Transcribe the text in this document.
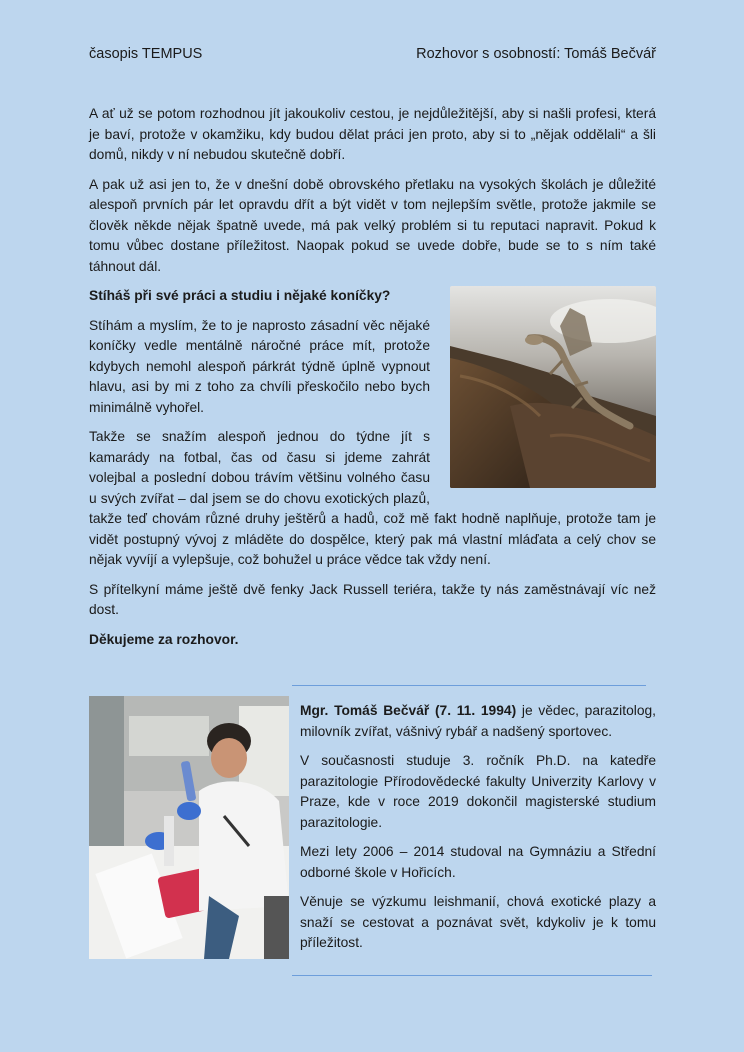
časopis TEMPUS	Rozhovor s osobností: Tomáš Bečvář

A ať už se potom rozhodnou jít jakoukoliv cestou, je nejdůležitější, aby si našli profesi, která je baví, protože v okamžiku, kdy budou dělat práci jen proto, aby si to „nějak oddělali“ a šli domů, nikdy v ní nebudou skutečně dobří.

A pak už asi jen to, že v dnešní době obrovského přetlaku na vysokých školách je důležité alespoň prvních pár let opravdu dřít a být vidět v tom nejlepším světle, protože jakmile se člověk někde nějak špatně uvede, má pak velký problém si tu reputaci napravit. Pokud k tomu vůbec dostane příležitost. Naopak pokud se uvede dobře, bude se to s ním také táhnout dál.

Stíháš při své práci a studiu i nějaké koníčky?

Stíhám a myslím, že to je naprosto zásadní věc nějaké koníčky vedle mentálně náročné práce mít, protože kdybych nemohl alespoň párkrát týdně úplně vypnout hlavu, asi by mi z toho za chvíli přeskočilo nebo bych minimálně vyhořel.

Takže se snažím alespoň jednou do týdne jít s kamarády na fotbal, čas od času si jdeme zahrát volejbal a poslední dobou trávím většinu volného času u svých zvířat – dal jsem se do chovu exotických plazů, takže teď chovám různé druhy ještěrů a hadů, což mě fakt hodně naplňuje, protože tam je vidět postupný vývoj z mláděte do dospělce, který pak má vlastní mláďata a celý chov se nějak vyvíjí a vylepšuje, což bohužel u práce vědce tak vždy není.

S přítelkyní máme ještě dvě fenky Jack Russell teriéra, takže ty nás zaměstnávají víc než dost.

Děkujeme za rozhovor.

Mgr. Tomáš Bečvář (7. 11. 1994) je vědec, parazitolog, milovník zvířat, vášnivý rybář a nadšený sportovec.

V současnosti studuje 3. ročník Ph.D. na katedře parazitologie Přírodovědecké fakulty Univerzity Karlovy v Praze, kde v roce 2019 dokončil magisterské studium parazitologie.

Mezi lety 2006 – 2014 studoval na Gymnáziu a Střední odborné škole v Hořicích.

Věnuje se výzkumu leishmanií, chová exotické plazy a snaží se cestovat a poznávat svět, kdykoliv je k tomu příležitost.
